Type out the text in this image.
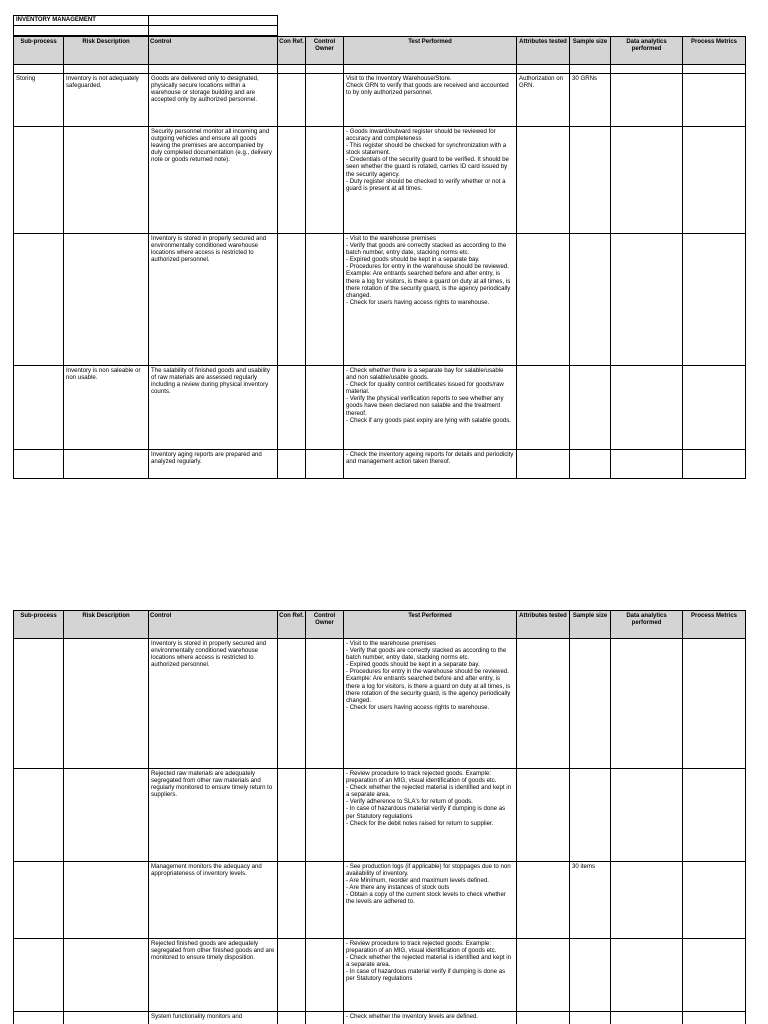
INVENTORY MANAGEMENT	

Sub-process	Risk Description	Control	Con Ref.	Control Owner	Test Performed	Attributes tested	Sample size	Data analytics performed	Process Metrics

Storing	Inventory is not adequately safeguarded.	Goods are delivered only to designated, physically secure locations within a warehouse or storage building and are accepted only by authorized personnel.			Visit to the Inventory Warehouse/Store.
Check GRN to verify that goods are received and accounted to by only authorized personnel.	Authorization on GRN.	30 GRNs		
		Security personnel monitor all incoming and outgoing vehicles and ensure all goods leaving the premises are accompanied by duly completed documentation (e.g., delivery note or goods returned note).			- Goods inward/outward register should be reviewed for accuracy and completeness
- This register should be checked for synchronization with a stock statement.
- Credentials of the security guard to be verified. It should be seen whether the guard is rotated, carries ID card issued by the security agency.
- Duty register should be checked to verify whether or not a guard is present at all times.				
		Inventory is stored in properly secured and environmentally conditioned warehouse locations where access is restricted to authorized personnel.			- Visit to the warehouse premises
- Verify that goods are correctly stacked as according to the batch number, entry date, stacking norms etc.
- Expired goods should be kept in a separate bay.
- Procedures for entry in the warehouse should be reviewed. Example: Are entrants searched before and after entry, is there a log for visitors, is there a guard on duty at all times, is there rotation of the security guard, is the agency periodically changed.
- Check for users having access rights to warehouse.				
	Inventory is non saleable or non usable.	The salability of finished goods and usability of raw materials are assessed regularly including a review during physical inventory counts.			- Check whether there is a separate bay for salable/usable and non salable/usable goods.
- Check for quality control certificates issued for goods/raw material.
- Verify the physical verification reports to see whether any goods have been declared non salable and the treatment thereof.
- Check if any goods past expiry are lying with salable goods.				
		Inventory aging reports are prepared and analyzed regularly.			- Check the inventory ageing reports for details and periodicity and management action taken thereof.				
Sub-process	Risk Description	Control	Con Ref.	Control Owner	Test Performed	Attributes tested	Sample size	Data analytics performed	Process Metrics
		Inventory is stored in properly secured and environmentally conditioned warehouse locations where access is restricted to authorized personnel.			- Visit to the warehouse premises
- Verify that goods are correctly stacked as according to the batch number, entry date, stacking norms etc.
- Expired goods should be kept in a separate bay.
- Procedures for entry in the warehouse should be reviewed. Example: Are entrants searched before and after entry, is there a log for visitors, is there a guard on duty at all times, is there rotation of the security guard, is the agency periodically changed.
- Check for users having access rights to warehouse.				
		Rejected raw materials are adequately segregated from other raw materials and regularly monitored to ensure timely return to suppliers.			- Review procedure to track rejected goods. Example: preparation of an MIG, visual identification of goods etc.
- Check whether the rejected material is identified and kept in a separate area.
- Verify adherence to SLA's for return of goods.
- In case of hazardous material verify if dumping is done as per Statutory regulations
- Check for the debit notes raised for return to supplier.				
		Management monitors the adequacy and appropriateness of inventory levels.			- See production logs (if applicable) for stoppages due to non availability of inventory.
- Are Minimum, reorder and maximum levels defined.
- Are there any instances of stock outs
- Obtain a copy of the current stock levels to check whether the levels are adhered to.		30 items		
		Rejected finished goods are adequately segregated from other finished goods and are monitored to ensure timely disposition.			- Review procedure to track rejected goods. Example: preparation of an MIG, visual identification of goods etc.
- Check whether the rejected material is identified and kept in a separate area.
- In case of hazardous material verify if dumping is done as per Statutory regulations				
		System functionality monitors and			- Check whether the inventory levels are defined.				
